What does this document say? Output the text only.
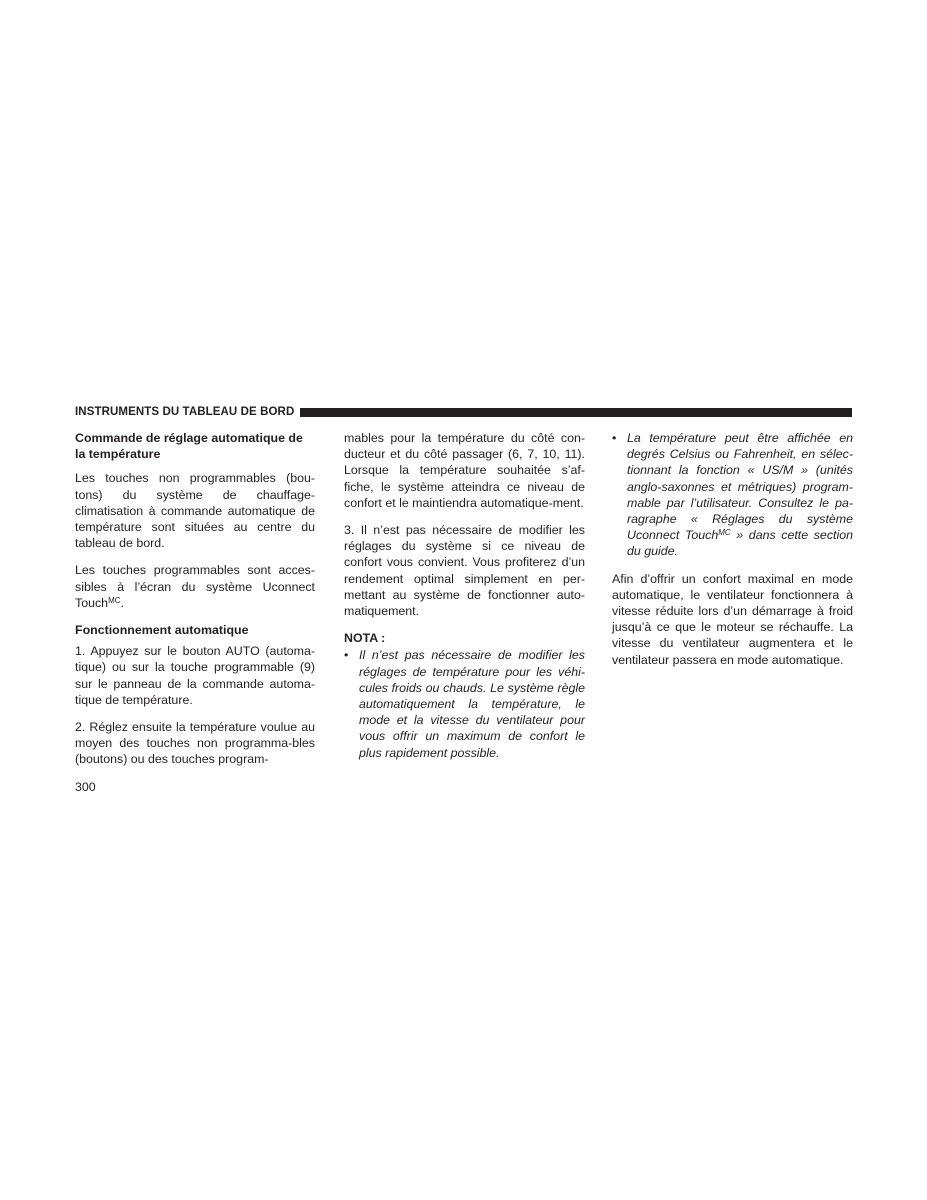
INSTRUMENTS DU TABLEAU DE BORD
Commande de réglage automatique de la température

Les touches non programmables (bou-tons) du système de chauffage-climatisation à commande automatique de température sont situées au centre du tableau de bord.

Les touches programmables sont acces-sibles à l’écran du système Uconnect Touch$^{MC}$.

Fonctionnement automatique

1. Appuyez sur le bouton AUTO (automa-tique) ou sur la touche programmable (9) sur le panneau de la commande automa-tique de température.

2. Réglez ensuite la température voulue au moyen des touches non programma-bles (boutons) ou des touches program-

mables pour la température du côté con-ducteur et du côté passager (6, 7, 10, 11). Lorsque la température souhaitée s’af-fiche, le système atteindra ce niveau de confort et le maintiendra automatique-ment.

3. Il n’est pas nécessaire de modifier les réglages du système si ce niveau de confort vous convient. Vous profiterez d’un rendement optimal simplement en per-mettant au système de fonctionner auto-matiquement.

NOTA :
• Il n’est pas nécessaire de modifier les réglages de température pour les véhi-cules froids ou chauds. Le système règle automatiquement la température, le mode et la vitesse du ventilateur pour vous offrir un maximum de confort le plus rapidement possible.
• La température peut être affichée en degrés Celsius ou Fahrenheit, en sélec-tionnant la fonction « US/M » (unités anglo-saxonnes et métriques) program-mable par l’utilisateur. Consultez le pa-ragraphe « Réglages du système Uconnect Touch$^{MC}$ » dans cette section du guide.

Afin d’offrir un confort maximal en mode automatique, le ventilateur fonctionnera à vitesse réduite lors d’un démarrage à froid jusqu’à ce que le moteur se réchauffe. La vitesse du ventilateur augmentera et le ventilateur passera en mode automatique.

300
